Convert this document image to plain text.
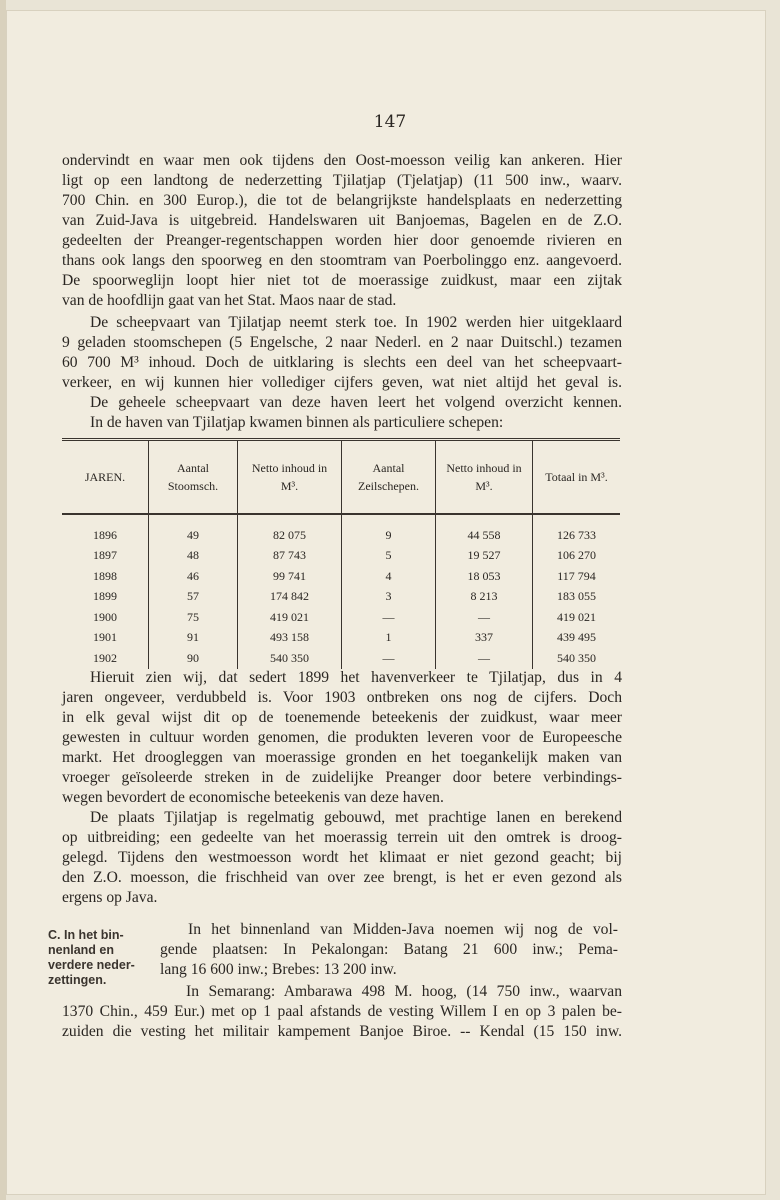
147
ondervindt en waar men ook tijdens den Oost-moesson veilig kan ankeren. Hier
ligt op een landtong de nederzetting Tjilatjap (Tjelatjap) (11 500 inw., waarv.
700 Chin. en 300 Europ.), die tot de belangrijkste handelsplaats en nederzetting
van Zuid-Java is uitgebreid. Handelswaren uit Banjoemas, Bagelen en de Z.O.
gedeelten der Preanger-regentschappen worden hier door genoemde rivieren en
thans ook langs den spoorweg en den stoomtram van Poerbolinggo enz. aangevoerd.
De spoorweglijn loopt hier niet tot de moerassige zuidkust, maar een zijtak
van de hoofdlijn gaat van het Stat. Maos naar de stad.
De scheepvaart van Tjilatjap neemt sterk toe. In 1902 werden hier uitgeklaard
9 geladen stoomschepen (5 Engelsche, 2 naar Nederl. en 2 naar Duitschl.) tezamen
60 700 M³ inhoud. Doch de uitklaring is slechts een deel van het scheepvaart-
verkeer, en wij kunnen hier vollediger cijfers geven, wat niet altijd het geval is.
De geheele scheepvaart van deze haven leert het volgend overzicht kennen.
In de haven van Tjilatjap kwamen binnen als particuliere schepen:
JAREN.	Aantal Stoomsch.	Netto inhoud in M³.	Aantal Zeilschepen.	Netto inhoud in M³.	Totaal in M³.
1896	49	82 075	9	44 558	126 733
1897	48	87 743	5	19 527	106 270
1898	46	99 741	4	18 053	117 794
1899	57	174 842	3	8 213	183 055
1900	75	419 021	—	—	419 021
1901	91	493 158	1	337	439 495
1902	90	540 350	—	—	540 350
Hieruit zien wij, dat sedert 1899 het havenverkeer te Tjilatjap, dus in 4
jaren ongeveer, verdubbeld is. Voor 1903 ontbreken ons nog de cijfers. Doch
in elk geval wijst dit op de toenemende beteekenis der zuidkust, waar meer
gewesten in cultuur worden genomen, die produkten leveren voor de Europeesche
markt. Het droogleggen van moerassige gronden en het toegankelijk maken van
vroeger geïsoleerde streken in de zuidelijke Preanger door betere verbindings-
wegen bevordert de economische beteekenis van deze haven.
De plaats Tjilatjap is regelmatig gebouwd, met prachtige lanen en berekend
op uitbreiding; een gedeelte van het moerassig terrein uit den omtrek is droog-
gelegd. Tijdens den westmoesson wordt het klimaat er niet gezond geacht; bij
den Z.O. moesson, die frischheid van over zee brengt, is het er even gezond als
ergens op Java.
C. In het bin-
nenland en
verdere neder-
zettingen.
In het binnenland van Midden-Java noemen wij nog de vol-
gende plaatsen: In Pekalongan: Batang 21 600 inw.; Pema-
lang 16 600 inw.; Brebes: 13 200 inw.
In Semarang: Ambarawa 498 M. hoog, (14 750 inw., waarvan
1370 Chin., 459 Eur.) met op 1 paal afstands de vesting Willem I en op 3 palen be-
zuiden die vesting het militair kampement Banjoe Biroe. -- Kendal (15 150 inw.
